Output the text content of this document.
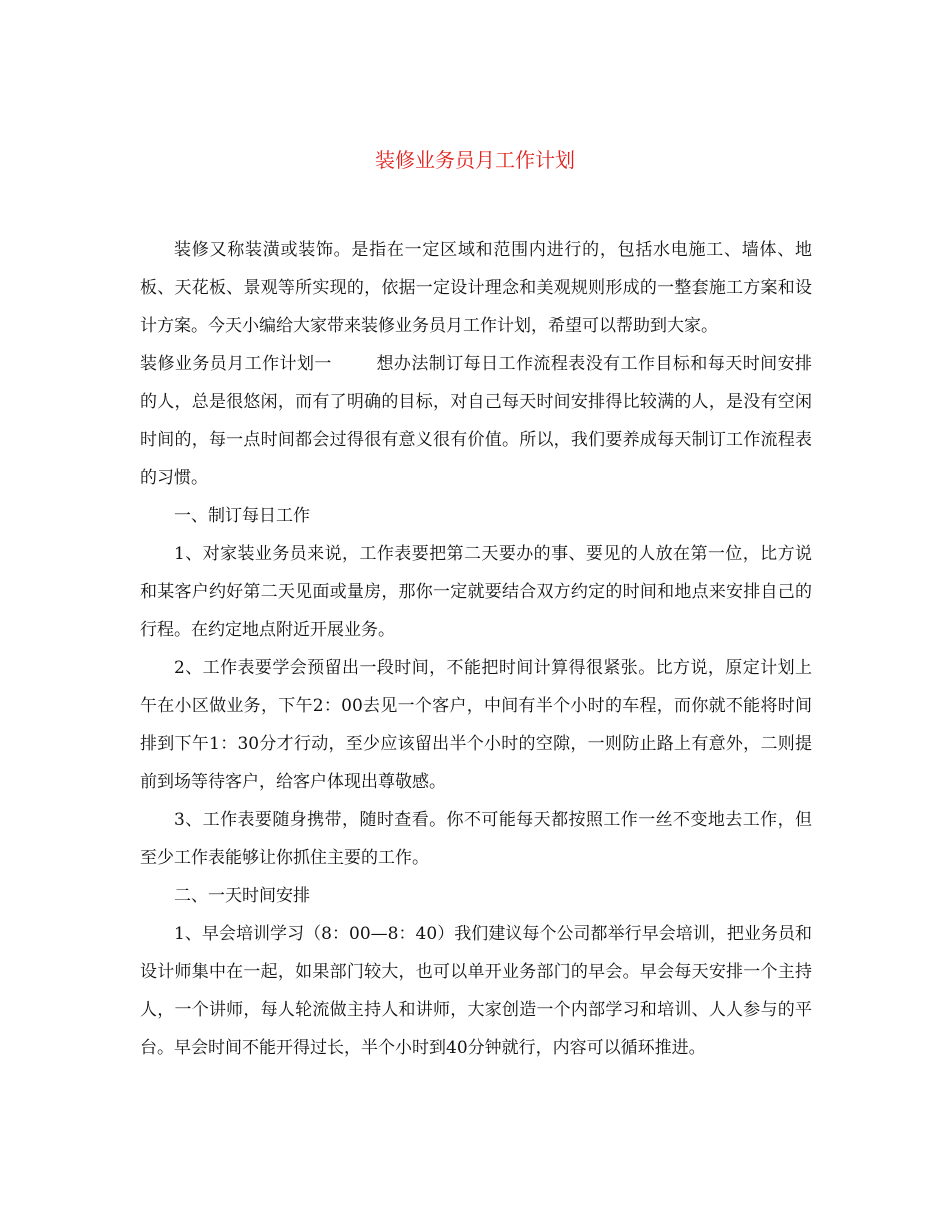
装修业务员月工作计划

装修又称装潢或装饰。是指在一定区域和范围内进行的，包括水电施工、墙体、地板、天花板、景观等所实现的，依据一定设计理念和美观规则形成的一整套施工方案和设计方案。今天小编给大家带来装修业务员月工作计划，希望可以帮助到大家。

装修业务员月工作计划一	想办法制订每日工作流程表没有工作目标和每天时间安排的人，总是很悠闲，而有了明确的目标，对自己每天时间安排得比较满的人，是没有空闲时间的，每一点时间都会过得很有意义很有价值。所以，我们要养成每天制订工作流程表的习惯。

一、制订每日工作

1、对家装业务员来说，工作表要把第二天要办的事、要见的人放在第一位，比方说和某客户约好第二天见面或量房，那你一定就要结合双方约定的时间和地点来安排自己的行程。在约定地点附近开展业务。

2、工作表要学会预留出一段时间，不能把时间计算得很紧张。比方说，原定计划上午在小区做业务，下午2：00去见一个客户，中间有半个小时的车程，而你就不能将时间排到下午1：30分才行动，至少应该留出半个小时的空隙，一则防止路上有意外，二则提前到场等待客户，给客户体现出尊敬感。

3、工作表要随身携带，随时查看。你不可能每天都按照工作一丝不变地去工作，但至少工作表能够让你抓住主要的工作。

二、一天时间安排

1、早会培训学习（8：00—8：40）我们建议每个公司都举行早会培训，把业务员和设计师集中在一起，如果部门较大，也可以单开业务部门的早会。早会每天安排一个主持人，一个讲师，每人轮流做主持人和讲师，大家创造一个内部学习和培训、人人参与的平台。早会时间不能开得过长，半个小时到40分钟就行，内容可以循环推进。
